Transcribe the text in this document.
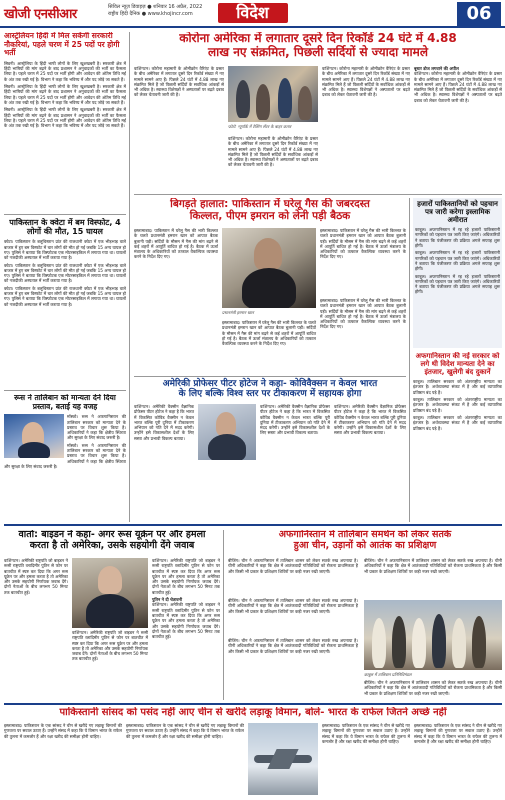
खोजी एनसीआर	सिविल न्यूज़ डिवाइज़ ● शनिवार 16 अप्रैल, 2022
राष्ट्रीय हिंदी दैनिक ● www.khojincr.com	विदेश	06
आस्ट्रेलियन हिंदी में मिल सकेंगी सरकारी नौकरियां, पहले चरण में 25 पदों पर होगी भर्ती
सिडनी। आस्ट्रेलिया के हिंदी भाषी लोगों के लिए खुशखबरी है। सरकारी क्षेत्र में हिंदी भाषियों की मांग बढ़ने के बाद प्रशासन ने अनुवादकों की भर्ती का फैसला लिया है। पहले चरण में 25 पदों पर भर्ती होगी और आवेदन की अंतिम तिथि मई के अंत तक रखी गई है। विभाग ने कहा कि भविष्य में और पद जोड़े जा सकते हैं।
सिडनी। आस्ट्रेलिया के हिंदी भाषी लोगों के लिए खुशखबरी है। सरकारी क्षेत्र में हिंदी भाषियों की मांग बढ़ने के बाद प्रशासन ने अनुवादकों की भर्ती का फैसला लिया है। पहले चरण में 25 पदों पर भर्ती होगी और आवेदन की अंतिम तिथि मई के अंत तक रखी गई है। विभाग ने कहा कि भविष्य में और पद जोड़े जा सकते हैं।
सिडनी। आस्ट्रेलिया के हिंदी भाषी लोगों के लिए खुशखबरी है। सरकारी क्षेत्र में हिंदी भाषियों की मांग बढ़ने के बाद प्रशासन ने अनुवादकों की भर्ती का फैसला लिया है। पहले चरण में 25 पदों पर भर्ती होगी और आवेदन की अंतिम तिथि मई के अंत तक रखी गई है। विभाग ने कहा कि भविष्य में और पद जोड़े जा सकते हैं।
पाकिस्तान के क्वेटा में बम विस्फोट, 4 लोगों की मौत, 15 घायल
क्वेटा। पाकिस्तान के बलूचिस्तान प्रांत की राजधानी क्वेटा में एक भीड़भाड़ वाले बाजार में हुए बम विस्फोट में चार लोगों की मौत हो गई जबकि 15 अन्य घायल हो गए। पुलिस ने बताया कि विस्फोटक एक मोटरसाइकिल में लगाया गया था। घायलों को नजदीकी अस्पताल में भर्ती कराया गया है।
क्वेटा। पाकिस्तान के बलूचिस्तान प्रांत की राजधानी क्वेटा में एक भीड़भाड़ वाले बाजार में हुए बम विस्फोट में चार लोगों की मौत हो गई जबकि 15 अन्य घायल हो गए। पुलिस ने बताया कि विस्फोटक एक मोटरसाइकिल में लगाया गया था। घायलों को नजदीकी अस्पताल में भर्ती कराया गया है।
क्वेटा। पाकिस्तान के बलूचिस्तान प्रांत की राजधानी क्वेटा में एक भीड़भाड़ वाले बाजार में हुए बम विस्फोट में चार लोगों की मौत हो गई जबकि 15 अन्य घायल हो गए। पुलिस ने बताया कि विस्फोटक एक मोटरसाइकिल में लगाया गया था। घायलों को नजदीकी अस्पताल में भर्ती कराया गया है।
रूस ने तालिबान को मान्यता देने दिया प्रस्ताव, बताई यह वजह
मॉस्को। रूस ने अफगानिस्तान की तालिबान सरकार को मान्यता देने के प्रस्ताव पर विचार शुरू किया है। अधिकारियों ने कहा कि क्षेत्रीय स्थिरता और सुरक्षा के लिए संवाद जरूरी है।
मॉस्को। रूस ने अफगानिस्तान की तालिबान सरकार को मान्यता देने के प्रस्ताव पर विचार शुरू किया है। अधिकारियों ने कहा कि क्षेत्रीय स्थिरता और सुरक्षा के लिए संवाद जरूरी है।
कोरोना अमेरिका में लगातार दूसरे दिन रिकॉर्ड 24 घंटे में 4.88
लाख नए संक्रमित, पिछली सर्दियों से ज्यादा मामले
वाशिंगटन। कोरोना महामारी के ओमीक्रोन वैरिएंट के प्रसार के बीच अमेरिका में लगातार दूसरे दिन रिकॉर्ड संख्या में नए मामले सामने आए हैं। पिछले 24 घंटों में 4.88 लाख नए संक्रमित मिले हैं जो पिछली सर्दियों के सर्वाधिक आंकड़ों से भी अधिक है। स्वास्थ्य विशेषज्ञों ने अस्पतालों पर बढ़ते दबाव को लेकर चेतावनी जारी की है।
फोटो: न्यूयॉर्क में टेस्टिंग सेंटर के बाहर कतार
वाशिंगटन। कोरोना महामारी के ओमीक्रोन वैरिएंट के प्रसार के बीच अमेरिका में लगातार दूसरे दिन रिकॉर्ड संख्या में नए मामले सामने आए हैं। पिछले 24 घंटों में 4.88 लाख नए संक्रमित मिले हैं जो पिछली सर्दियों के सर्वाधिक आंकड़ों से भी अधिक है। स्वास्थ्य विशेषज्ञों ने अस्पतालों पर बढ़ते दबाव को लेकर चेतावनी जारी की है।
वाशिंगटन। कोरोना महामारी के ओमीक्रोन वैरिएंट के प्रसार के बीच अमेरिका में लगातार दूसरे दिन रिकॉर्ड संख्या में नए मामले सामने आए हैं। पिछले 24 घंटों में 4.88 लाख नए संक्रमित मिले हैं जो पिछली सर्दियों के सर्वाधिक आंकड़ों से भी अधिक है। स्वास्थ्य विशेषज्ञों ने अस्पतालों पर बढ़ते दबाव को लेकर चेतावनी जारी की है।
बूस्टर डोज लगवाने की अपील
वाशिंगटन। कोरोना महामारी के ओमीक्रोन वैरिएंट के प्रसार के बीच अमेरिका में लगातार दूसरे दिन रिकॉर्ड संख्या में नए मामले सामने आए हैं। पिछले 24 घंटों में 4.88 लाख नए संक्रमित मिले हैं जो पिछली सर्दियों के सर्वाधिक आंकड़ों से भी अधिक है। स्वास्थ्य विशेषज्ञों ने अस्पतालों पर बढ़ते दबाव को लेकर चेतावनी जारी की है।
बिगड़ते हालात: पाकिस्तान में घरेलू गैस की जबरदस्त
किल्लत, पीएम इमरान को लेनी पड़ी बैठक
इस्लामाबाद। पाकिस्तान में घरेलू गैस की भारी किल्लत के चलते प्रधानमंत्री इमरान खान को आपात बैठक बुलानी पड़ी। सर्दियों के मौसम में गैस की मांग बढ़ने से कई शहरों में आपूर्ति बाधित हो गई है। बैठक में ऊर्जा मंत्रालय के अधिकारियों को तत्काल वैकल्पिक व्यवस्था करने के निर्देश दिए गए।
प्रधानमंत्री इमरान खान
इस्लामाबाद। पाकिस्तान में घरेलू गैस की भारी किल्लत के चलते प्रधानमंत्री इमरान खान को आपात बैठक बुलानी पड़ी। सर्दियों के मौसम में गैस की मांग बढ़ने से कई शहरों में आपूर्ति बाधित हो गई है। बैठक में ऊर्जा मंत्रालय के अधिकारियों को तत्काल वैकल्पिक व्यवस्था करने के निर्देश दिए गए।
इस्लामाबाद। पाकिस्तान में घरेलू गैस की भारी किल्लत के चलते प्रधानमंत्री इमरान खान को आपात बैठक बुलानी पड़ी। सर्दियों के मौसम में गैस की मांग बढ़ने से कई शहरों में आपूर्ति बाधित हो गई है। बैठक में ऊर्जा मंत्रालय के अधिकारियों को तत्काल वैकल्पिक व्यवस्था करने के निर्देश दिए गए।
इस्लामाबाद। पाकिस्तान में घरेलू गैस की भारी किल्लत के चलते प्रधानमंत्री इमरान खान को आपात बैठक बुलानी पड़ी। सर्दियों के मौसम में गैस की मांग बढ़ने से कई शहरों में आपूर्ति बाधित हो गई है। बैठक में ऊर्जा मंत्रालय के अधिकारियों को तत्काल वैकल्पिक व्यवस्था करने के निर्देश दिए गए।
हजारों पाकिस्तानियों को पहचान पत्र जारी करेगा इस्लामिक अमीरात
काबुल। अफगानिस्तान में रह रहे हजारों पाकिस्तानी नागरिकों को पहचान पत्र जारी किए जाएंगे। अधिकारियों ने बताया कि पंजीकरण की प्रक्रिया अगले सप्ताह शुरू होगी।
काबुल। अफगानिस्तान में रह रहे हजारों पाकिस्तानी नागरिकों को पहचान पत्र जारी किए जाएंगे। अधिकारियों ने बताया कि पंजीकरण की प्रक्रिया अगले सप्ताह शुरू होगी।
काबुल। अफगानिस्तान में रह रहे हजारों पाकिस्तानी नागरिकों को पहचान पत्र जारी किए जाएंगे। अधिकारियों ने बताया कि पंजीकरण की प्रक्रिया अगले सप्ताह शुरू होगी।
अफगानिस्तान की नई सरकार को लगे थी विदेश मान्यता देने का इंतजार, खुलेगी बंद दुकानें
काबुल। तालिबान सरकार को अंतरराष्ट्रीय मान्यता का इंतजार है। अर्थव्यवस्था संकट में है और कई व्यापारिक प्रतिष्ठान बंद पड़े हैं।
काबुल। तालिबान सरकार को अंतरराष्ट्रीय मान्यता का इंतजार है। अर्थव्यवस्था संकट में है और कई व्यापारिक प्रतिष्ठान बंद पड़े हैं।
काबुल। तालिबान सरकार को अंतरराष्ट्रीय मान्यता का इंतजार है। अर्थव्यवस्था संकट में है और कई व्यापारिक प्रतिष्ठान बंद पड़े हैं।
अमेरिकी प्रोफेसर पीटर होटेज ने कहा- कोविवैक्सन न केवल भारत
के लिए बल्कि विश्व स्तर पर टीकाकरण में सहायक होगा
वाशिंगटन। अमेरिकी वैक्सीन वैज्ञानिक प्रोफेसर पीटर होटेज ने कहा है कि भारत में विकसित कोविड वैक्सीन न केवल भारत बल्कि पूरी दुनिया में टीकाकरण अभियान को गति देने में मदद करेगी। उन्होंने इसे विकासशील देशों के लिए सस्ता और प्रभावी विकल्प बताया।
वाशिंगटन। अमेरिकी वैक्सीन वैज्ञानिक प्रोफेसर पीटर होटेज ने कहा है कि भारत में विकसित कोविड वैक्सीन न केवल भारत बल्कि पूरी दुनिया में टीकाकरण अभियान को गति देने में मदद करेगी। उन्होंने इसे विकासशील देशों के लिए सस्ता और प्रभावी विकल्प बताया।
वाशिंगटन। अमेरिकी वैक्सीन वैज्ञानिक प्रोफेसर पीटर होटेज ने कहा है कि भारत में विकसित कोविड वैक्सीन न केवल भारत बल्कि पूरी दुनिया में टीकाकरण अभियान को गति देने में मदद करेगी। उन्होंने इसे विकासशील देशों के लिए सस्ता और प्रभावी विकल्प बताया।
वार्ता: बाइडन ने कहा- अगर रूस यूक्रेन पर और हमला
करता है तो अमेरिका, उसके सहयोगी देंगे जवाब
वाशिंगटन। अमेरिकी राष्ट्रपति जो बाइडन ने रूसी राष्ट्रपति व्लादिमीर पुतिन से फोन पर बातचीत में स्पष्ट कर दिया कि अगर रूस यूक्रेन पर और हमला करता है तो अमेरिका और उसके सहयोगी निर्णायक जवाब देंगे। दोनों नेताओं के बीच लगभग 50 मिनट तक बातचीत हुई।
वाशिंगटन। अमेरिकी राष्ट्रपति जो बाइडन ने रूसी राष्ट्रपति व्लादिमीर पुतिन से फोन पर बातचीत में स्पष्ट कर दिया कि अगर रूस यूक्रेन पर और हमला करता है तो अमेरिका और उसके सहयोगी निर्णायक जवाब देंगे। दोनों नेताओं के बीच लगभग 50 मिनट तक बातचीत हुई।
वाशिंगटन। अमेरिकी राष्ट्रपति जो बाइडन ने रूसी राष्ट्रपति व्लादिमीर पुतिन से फोन पर बातचीत में स्पष्ट कर दिया कि अगर रूस यूक्रेन पर और हमला करता है तो अमेरिका और उसके सहयोगी निर्णायक जवाब देंगे। दोनों नेताओं के बीच लगभग 50 मिनट तक बातचीत हुई।
पुतिन ने दी चेतावनी
वाशिंगटन। अमेरिकी राष्ट्रपति जो बाइडन ने रूसी राष्ट्रपति व्लादिमीर पुतिन से फोन पर बातचीत में स्पष्ट कर दिया कि अगर रूस यूक्रेन पर और हमला करता है तो अमेरिका और उसके सहयोगी निर्णायक जवाब देंगे। दोनों नेताओं के बीच लगभग 50 मिनट तक बातचीत हुई।
अफगानिस्तान में तालिबान समर्थन को लेकर सतर्क
हुआ चीन, उड़ानों को आतंक का प्रशिक्षण
बीजिंग। चीन ने अफगानिस्तान में तालिबान शासन को लेकर सतर्क रुख अपनाया है। चीनी अधिकारियों ने कहा कि क्षेत्र में आतंकवादी गतिविधियों को रोकना प्राथमिकता है और किसी भी प्रकार के प्रशिक्षण शिविरों पर कड़ी नजर रखी जाएगी।
बीजिंग। चीन ने अफगानिस्तान में तालिबान शासन को लेकर सतर्क रुख अपनाया है। चीनी अधिकारियों ने कहा कि क्षेत्र में आतंकवादी गतिविधियों को रोकना प्राथमिकता है और किसी भी प्रकार के प्रशिक्षण शिविरों पर कड़ी नजर रखी जाएगी।
बीजिंग। चीन ने अफगानिस्तान में तालिबान शासन को लेकर सतर्क रुख अपनाया है। चीनी अधिकारियों ने कहा कि क्षेत्र में आतंकवादी गतिविधियों को रोकना प्राथमिकता है और किसी भी प्रकार के प्रशिक्षण शिविरों पर कड़ी नजर रखी जाएगी।
बीजिंग। चीन ने अफगानिस्तान में तालिबान शासन को लेकर सतर्क रुख अपनाया है। चीनी अधिकारियों ने कहा कि क्षेत्र में आतंकवादी गतिविधियों को रोकना प्राथमिकता है और किसी भी प्रकार के प्रशिक्षण शिविरों पर कड़ी नजर रखी जाएगी।
काबुल में तालिबान प्रतिनिधिमंडल
बीजिंग। चीन ने अफगानिस्तान में तालिबान शासन को लेकर सतर्क रुख अपनाया है। चीनी अधिकारियों ने कहा कि क्षेत्र में आतंकवादी गतिविधियों को रोकना प्राथमिकता है और किसी भी प्रकार के प्रशिक्षण शिविरों पर कड़ी नजर रखी जाएगी।
पाकिस्तानी सांसद को पसंद नहीं आए चीन से खरीदे लड़ाकू विमान, बोले- भारत के राफेल जितने अच्छे नहीं
इस्लामाबाद। पाकिस्तान के एक सांसद ने चीन से खरीदे गए लड़ाकू विमानों की गुणवत्ता पर सवाल उठाए हैं। उन्होंने संसद में कहा कि ये विमान भारत के राफेल की तुलना में कमजोर हैं और रक्षा खरीद की समीक्षा होनी चाहिए।
इस्लामाबाद। पाकिस्तान के एक सांसद ने चीन से खरीदे गए लड़ाकू विमानों की गुणवत्ता पर सवाल उठाए हैं। उन्होंने संसद में कहा कि ये विमान भारत के राफेल की तुलना में कमजोर हैं और रक्षा खरीद की समीक्षा होनी चाहिए।
इस्लामाबाद। पाकिस्तान के एक सांसद ने चीन से खरीदे गए लड़ाकू विमानों की गुणवत्ता पर सवाल उठाए हैं। उन्होंने संसद में कहा कि ये विमान भारत के राफेल की तुलना में कमजोर हैं और रक्षा खरीद की समीक्षा होनी चाहिए।
इस्लामाबाद। पाकिस्तान के एक सांसद ने चीन से खरीदे गए लड़ाकू विमानों की गुणवत्ता पर सवाल उठाए हैं। उन्होंने संसद में कहा कि ये विमान भारत के राफेल की तुलना में कमजोर हैं और रक्षा खरीद की समीक्षा होनी चाहिए।
